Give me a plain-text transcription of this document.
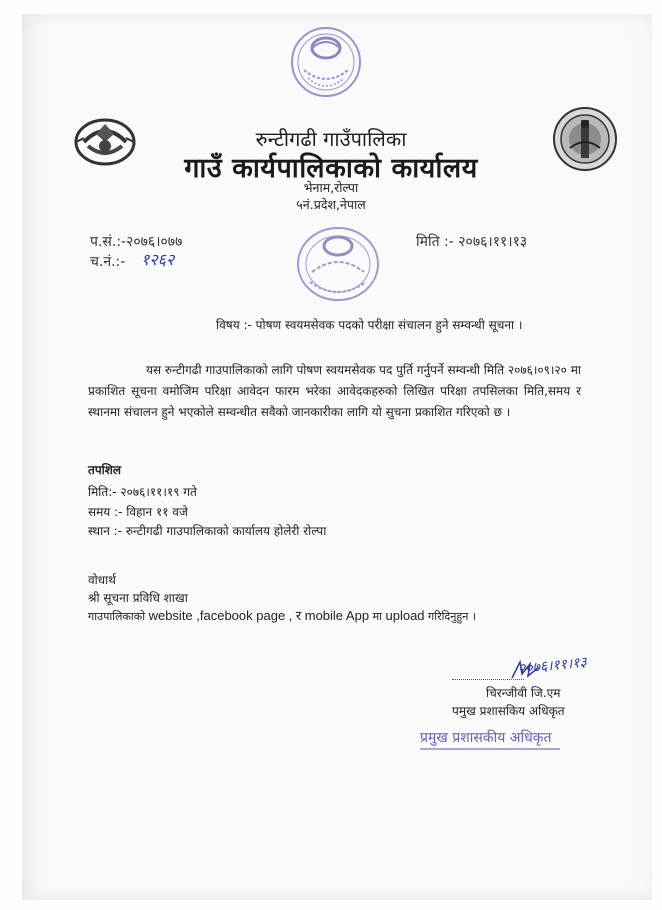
रुन्टीगढी गाउँपालिका
गाउँ कार्यपालिकाको कार्यालय
भेनाम,रोल्पा
५नं.प्रदेश,नेपाल
प.सं.:-२०७६।०७७
च.नं.:- १२६२
मिति :- २०७६।११।१३
विषय :- पोषण स्वयमसेवक पदको परीक्षा संचालन हुने सम्वन्धी सूचना ।

यस रुन्टीगढी गाउपालिकाको लागि पोषण स्वयमसेवक पद पुर्ति गर्नुपर्ने सम्वन्धी मिति २०७६।०९।२० मा प्रकाशित सूचना वमोजिम परिक्षा आवेदन फारम भरेका आवेदकहरुको लिखित परिक्षा तपसिलका मिति,समय र स्थानमा संचालन हुने भएकोले सम्वन्धीत सवैको जानकारीका लागि यो सुचना प्रकाशित गरिएको छ ।

तपशिल
मिति:- २०७६।११।१९ गते
समय :- विहान ११ वजे
स्थान :- रुन्टीगढी गाउपालिकाको कार्यालय होलेरी रोल्पा
वोधार्थ
श्री सूचना प्रविधि शाखा
गाउपालिकाको website ,facebook page , र mobile App मा upload गरिदिनुहुन ।
२०७६।११।१३
चिरन्जीवी जि.एम
पमुख प्रशासकिय अधिकृत
प्रमुख प्रशासकीय अधिकृत
